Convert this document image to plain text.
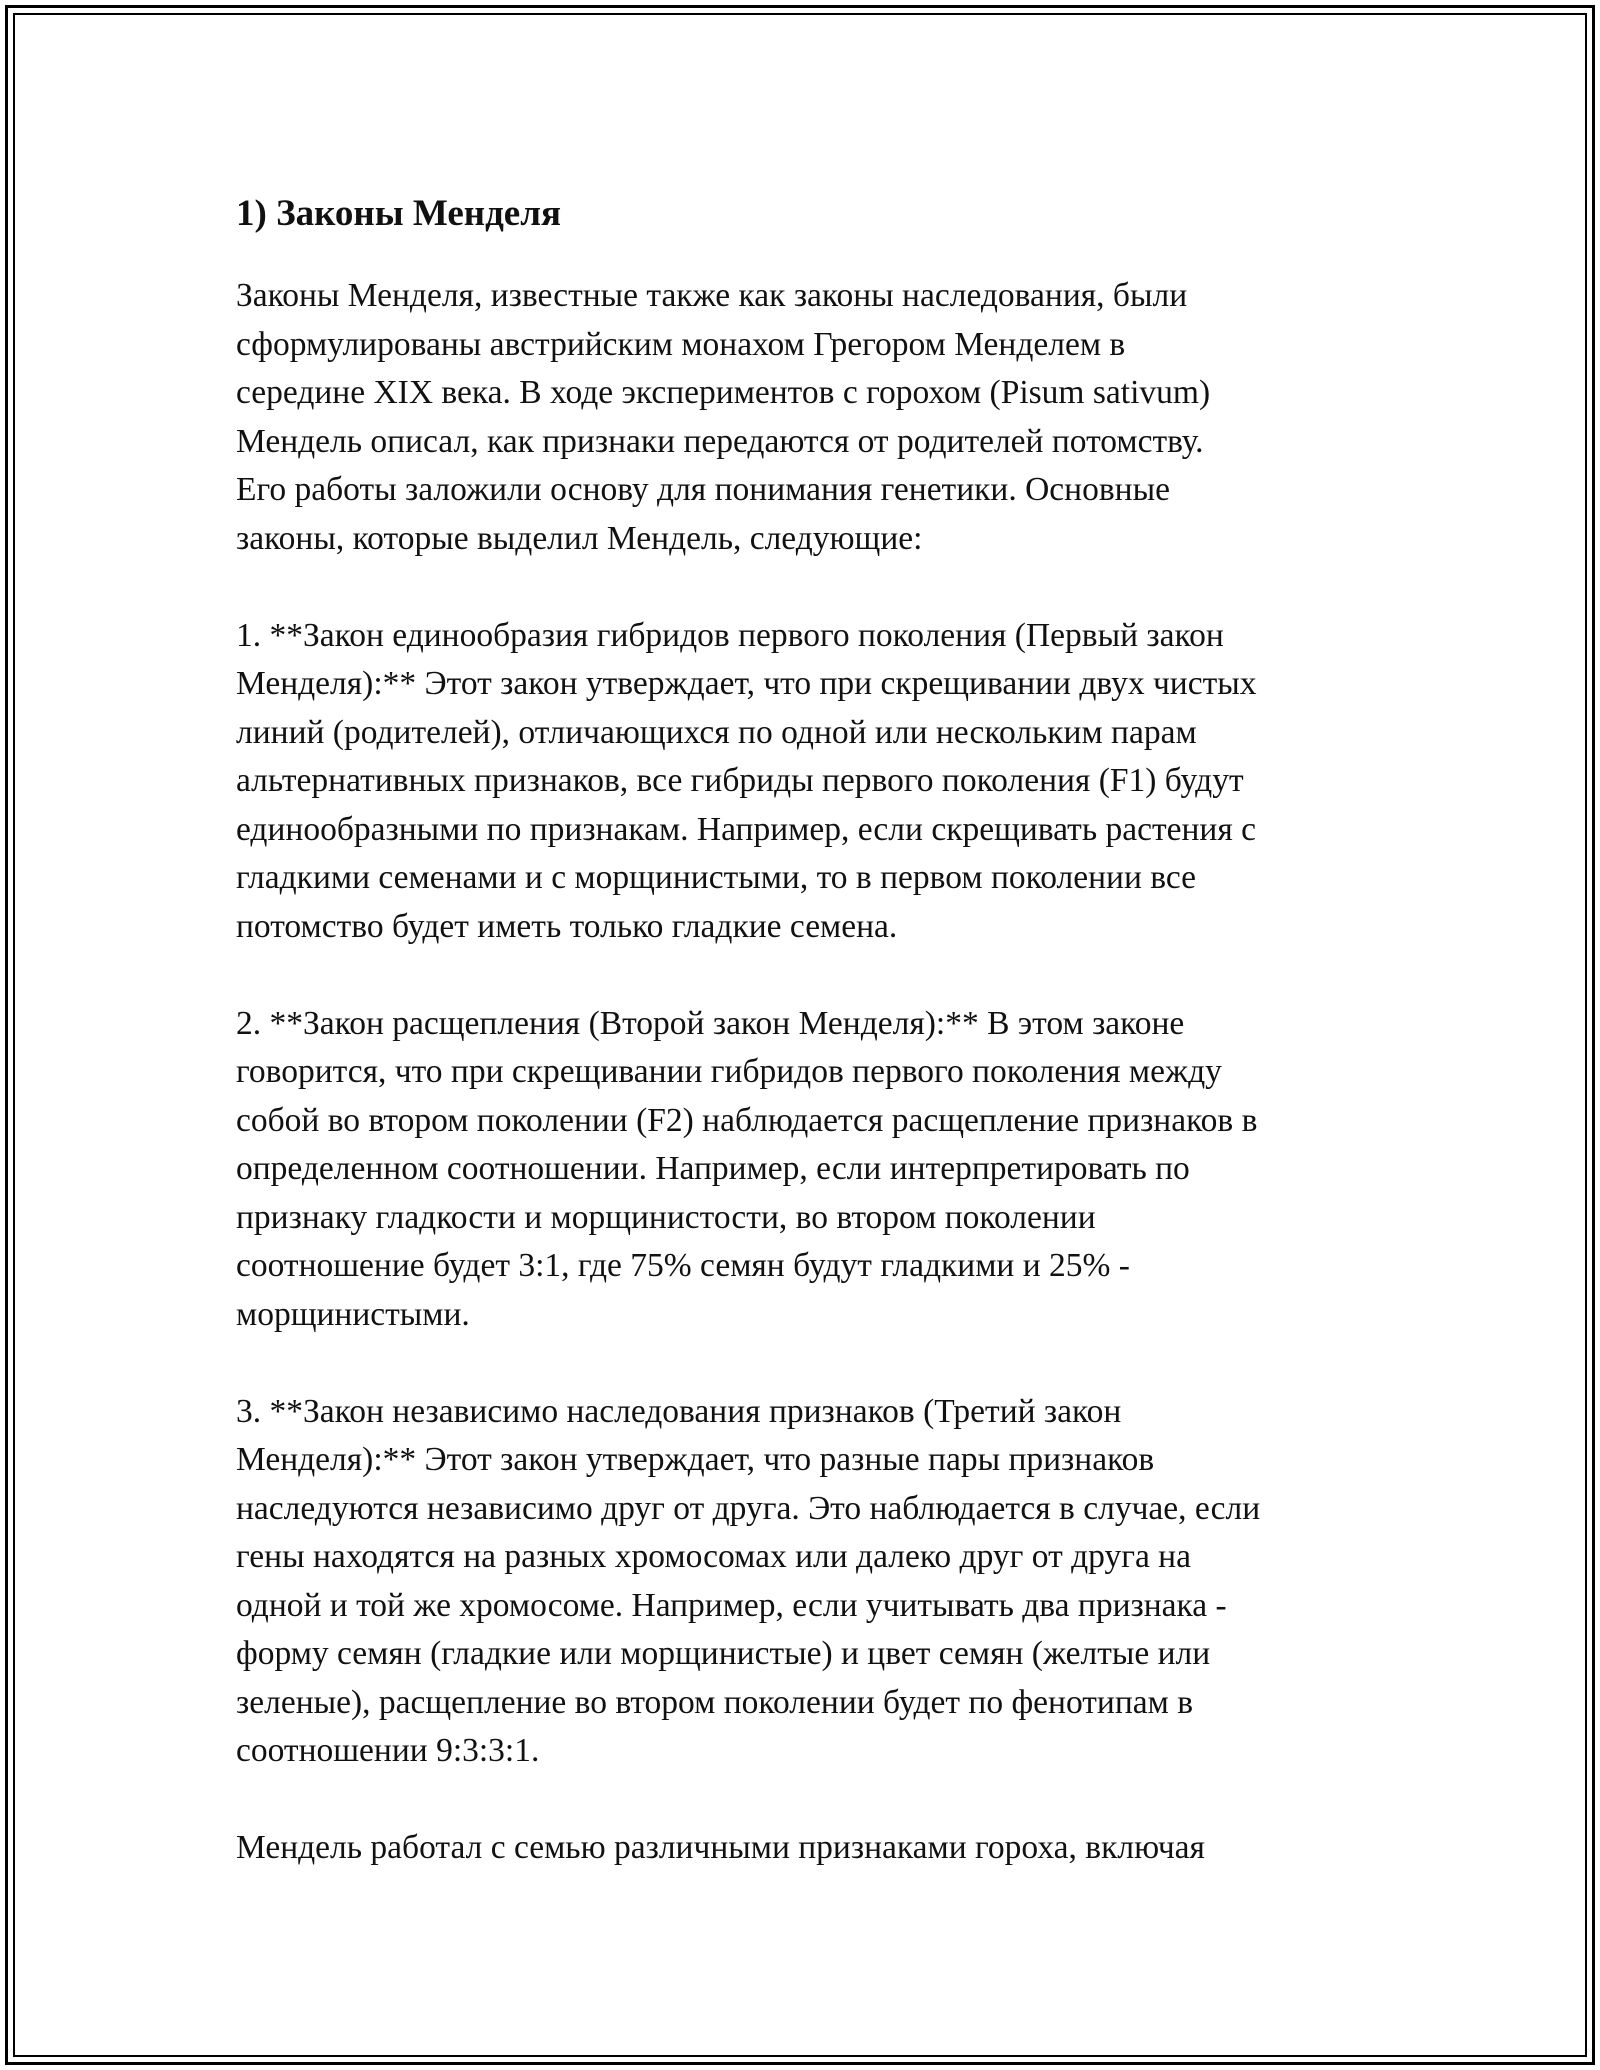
1) Законы Менделя

Законы Менделя, известные также как законы наследования, были
сформулированы австрийским монахом Грегором Менделем в
середине XIX века. В ходе экспериментов с горохом (Pisum sativum)
Мендель описал, как признаки передаются от родителей потомству.
Его работы заложили основу для понимания генетики. Основные
законы, которые выделил Мендель, следующие:

1. **Закон единообразия гибридов первого поколения (Первый закон
Менделя):** Этот закон утверждает, что при скрещивании двух чистых
линий (родителей), отличающихся по одной или нескольким парам
альтернативных признаков, все гибриды первого поколения (F1) будут
единообразными по признакам. Например, если скрещивать растения с
гладкими семенами и с морщинистыми, то в первом поколении все
потомство будет иметь только гладкие семена.

2. **Закон расщепления (Второй закон Менделя):** В этом законе
говорится, что при скрещивании гибридов первого поколения между
собой во втором поколении (F2) наблюдается расщепление признаков в
определенном соотношении. Например, если интерпретировать по
признаку гладкости и морщинистости, во втором поколении
соотношение будет 3:1, где 75% семян будут гладкими и 25% -
морщинистыми.

3. **Закон независимо наследования признаков (Третий закон
Менделя):** Этот закон утверждает, что разные пары признаков
наследуются независимо друг от друга. Это наблюдается в случае, если
гены находятся на разных хромосомах или далеко друг от друга на
одной и той же хромосоме. Например, если учитывать два признака -
форму семян (гладкие или морщинистые) и цвет семян (желтые или
зеленые), расщепление во втором поколении будет по фенотипам в
соотношении 9:3:3:1.

Мендель работал с семью различными признаками гороха, включая
